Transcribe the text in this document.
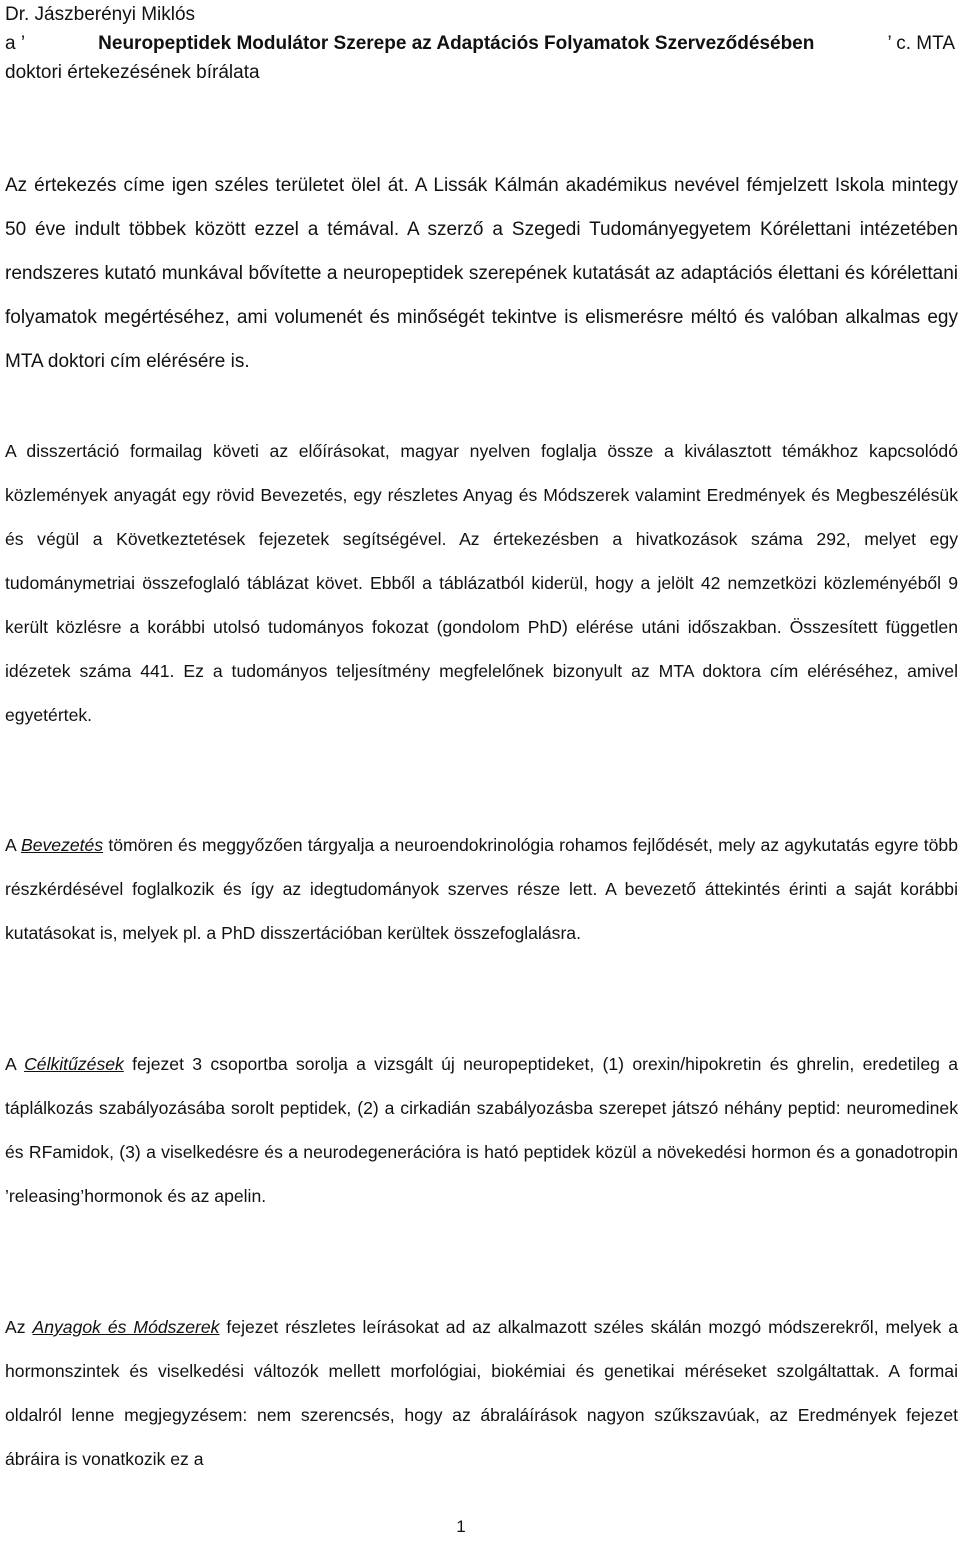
Dr. Jászberényi Miklós
a ’	Neuropeptidek Modulátor Szerepe az Adaptációs Folyamatok Szerveződésében	’ c. MTA
doktori értekezésének bírálata

Az értekezés címe igen széles területet ölel át. A Lissák Kálmán akadémikus nevével fémjelzett Iskola mintegy 50 éve indult többek között ezzel a témával. A szerző a Szegedi Tudományegyetem Kórélettani intézetében rendszeres kutató munkával bővítette a neuropeptidek szerepének kutatását az adaptációs élettani és kórélettani folyamatok megértéséhez, ami volumenét és minőségét tekintve is elismerésre méltó és valóban alkalmas egy MTA doktori cím elérésére is.

A disszertáció formailag követi az előírásokat, magyar nyelven foglalja össze a kiválasztott témákhoz kapcsolódó közlemények anyagát egy rövid Bevezetés, egy részletes Anyag és Módszerek valamint Eredmények és Megbeszélésük és végül a Következtetések fejezetek segítségével. Az értekezésben a hivatkozások száma 292, melyet egy tudománymetriai összefoglaló táblázat követ. Ebből a táblázatból kiderül, hogy a jelölt 42 nemzetközi közleményéből 9 került közlésre a korábbi utolsó tudományos fokozat (gondolom PhD) elérése utáni időszakban. Összesített független idézetek száma 441. Ez a tudományos teljesítmény megfelelőnek bizonyult az MTA doktora cím eléréséhez, amivel egyetértek.

A Bevezetés tömören és meggyőzően tárgyalja a neuroendokrinológia rohamos fejlődését, mely az agykutatás egyre több részkérdésével foglalkozik és így az idegtudományok szerves része lett. A bevezető áttekintés érinti a saját korábbi kutatásokat is, melyek pl. a PhD disszertációban kerültek összefoglalásra.

A Célkitűzések fejezet 3 csoportba sorolja a vizsgált új neuropeptideket, (1) orexin/hipokretin és ghrelin, eredetileg a táplálkozás szabályozásába sorolt peptidek, (2) a cirkadián szabályozásba szerepet játszó néhány peptid: neuromedinek és RFamidok, (3) a viselkedésre és a neurodegenerációra is ható peptidek közül a növekedési hormon és a gonadotropin ’releasing’hormonok és az apelin.

Az Anyagok és Módszerek fejezet részletes leírásokat ad az alkalmazott széles skálán mozgó módszerekről, melyek a hormonszintek és viselkedési változók mellett morfológiai, biokémiai és genetikai méréseket szolgáltattak. A formai oldalról lenne megjegyzésem: nem szerencsés, hogy az ábraláírások nagyon szűkszavúak, az Eredmények fejezet ábráira is vonatkozik ez a

1
